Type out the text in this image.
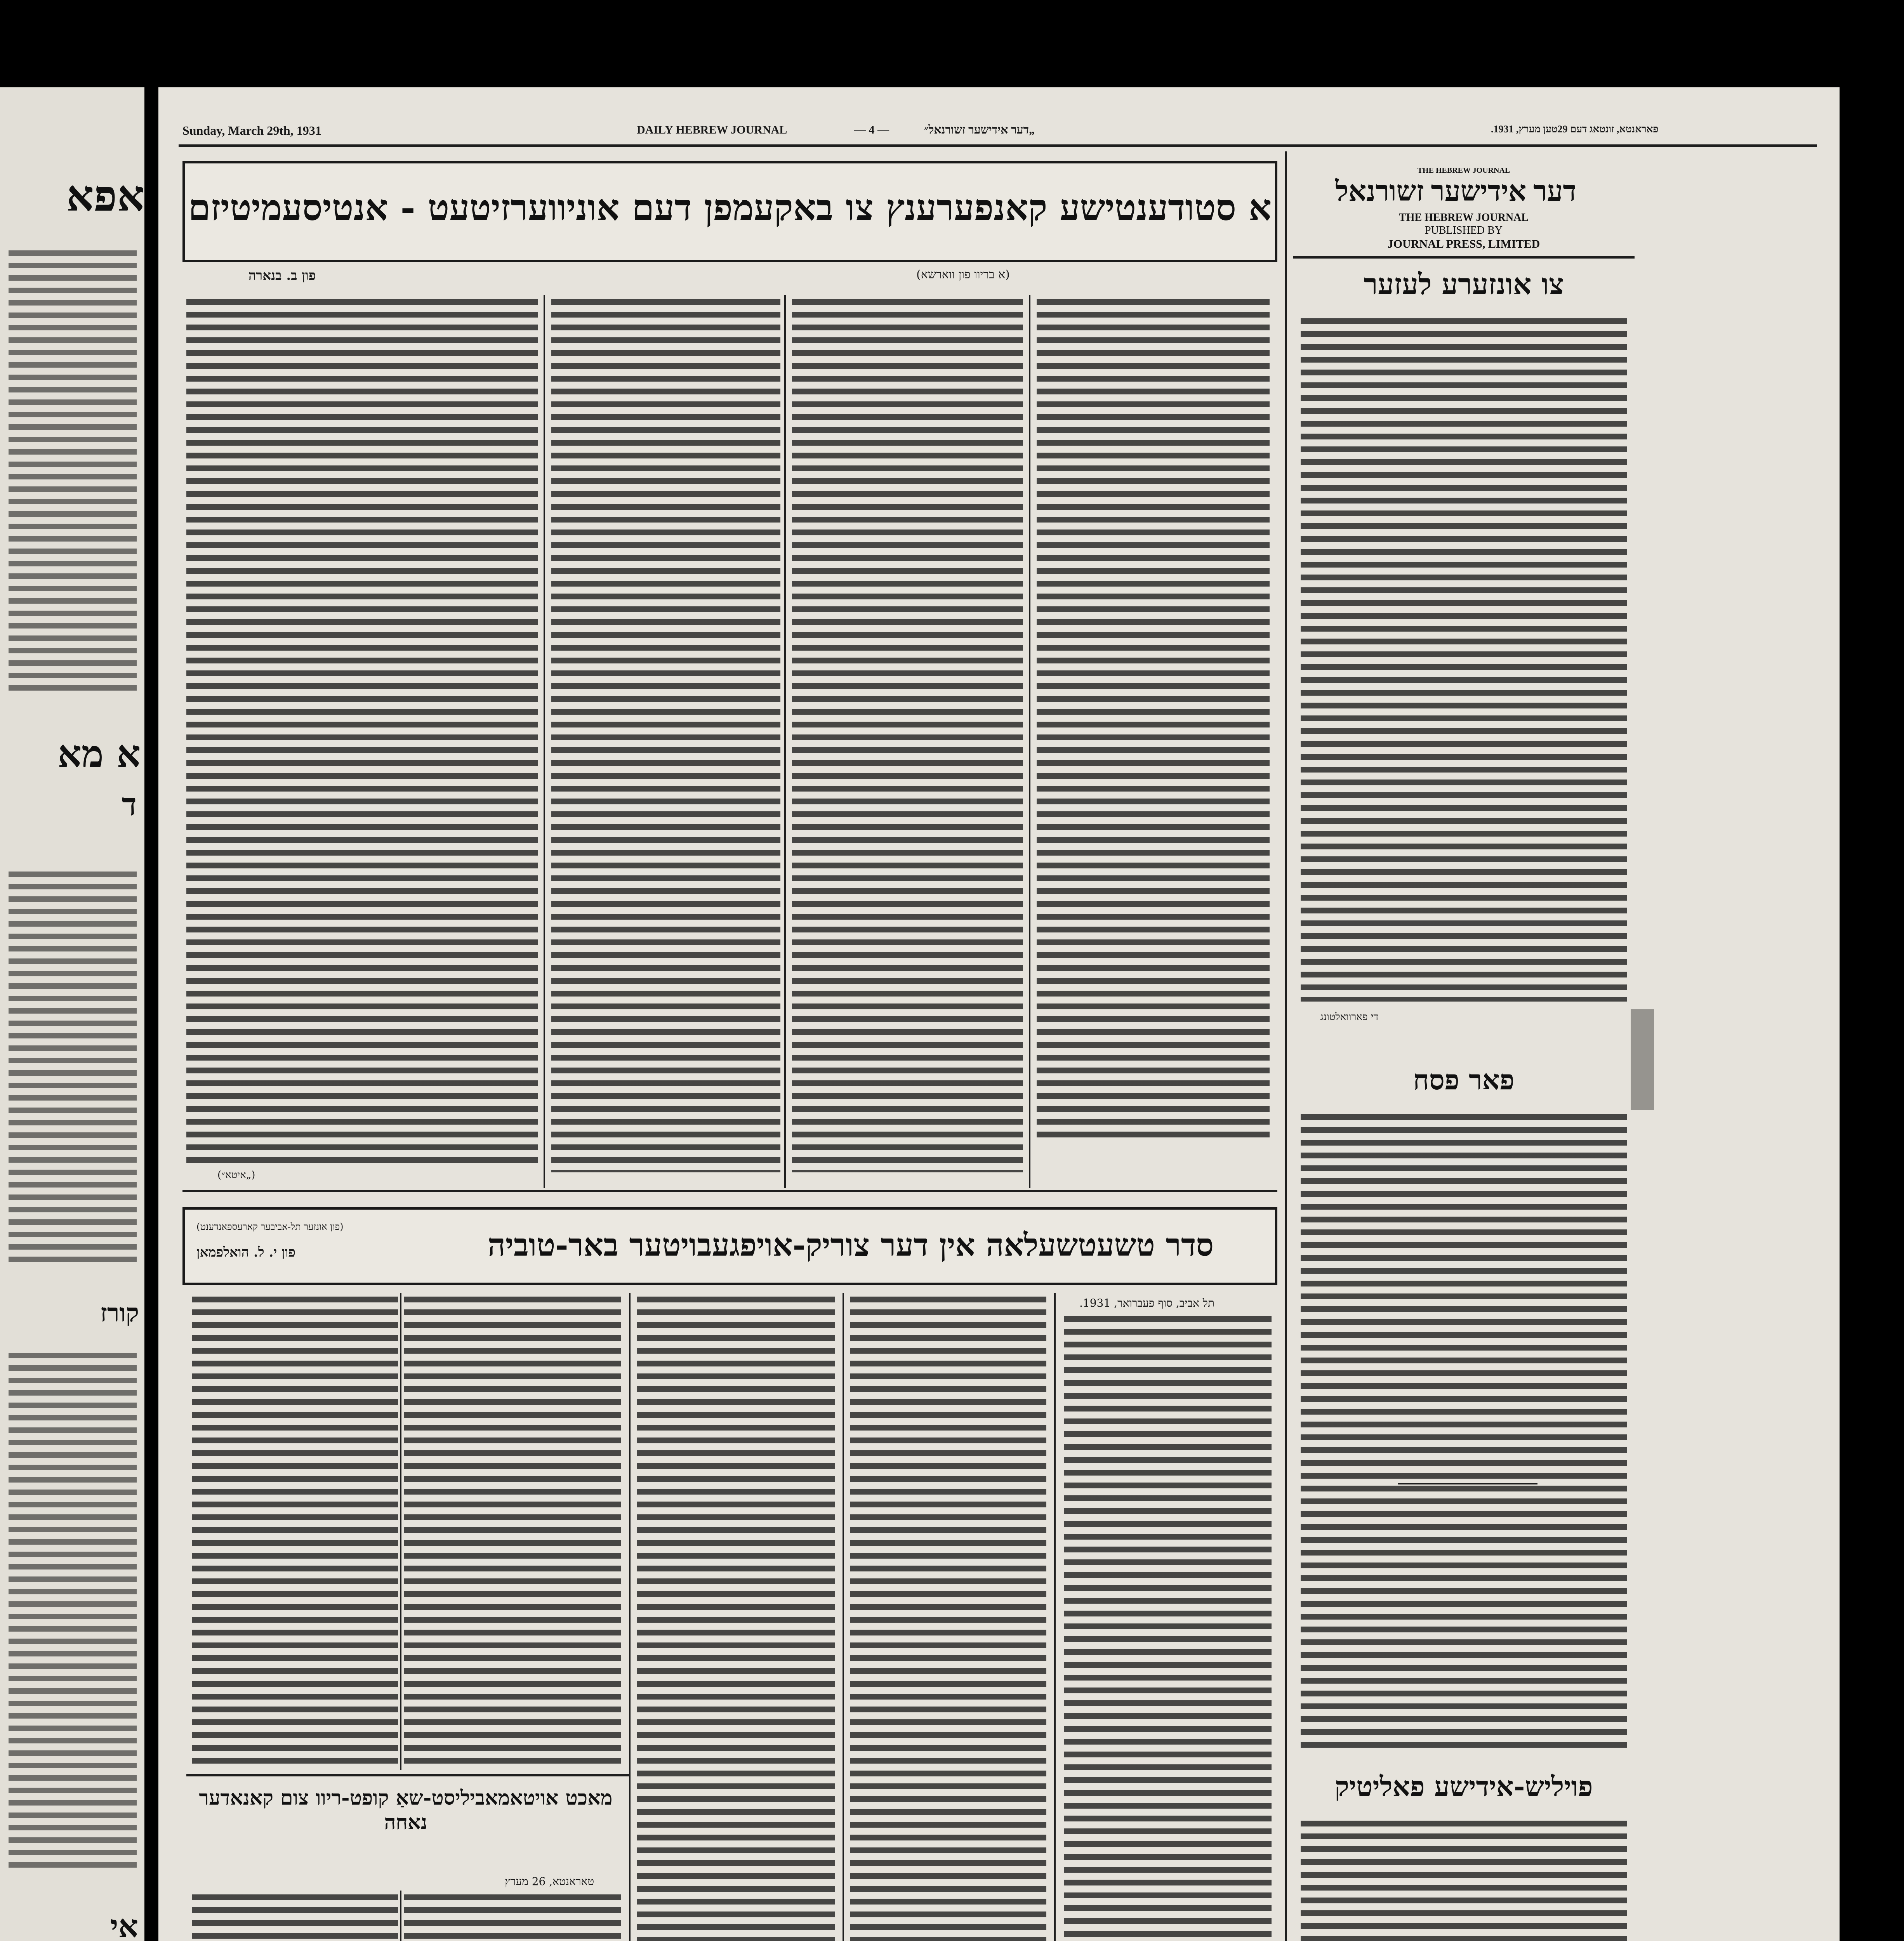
אפא
א מא
ד
קורז
אי
Sunday, March 29th, 1931	DAILY HEBREW JOURNAL	— 4 —	„דער אידישער זשורנאל״	פאראנטא, זונטאג דעם 29טען מערץ, 1931.
THE HEBREW JOURNAL
דער אידישער זשורנאל
THE HEBREW JOURNAL
PUBLISHED BY
JOURNAL PRESS, LIMITED
צו אונזערע לעזער
די פארוואלטונג
פאר פסח
פויליש-אידישע פאליטיק
א סטודענטישע קאנפערענץ צו באקעמפן דעם אוניווערזיטעט - אנטיסעמיטיזם
(א בריוו פון ווארשא)
פון ב. בנארה
(„איטא״)
סדר טשעטשעלאה אין דער צוריק-אויפגעבויטער באר-טוביה
פון י. ל. הואלפמאן
(פון אונזער תל-אביבער קארעספאנדענט)
תל אביב, סוף פעברואר, 1931.
מאכט אויטאמאביליסט-שאַ קופט-ריוו צום קאנאדער נאחה
טאראנטא, 26 מערץ
